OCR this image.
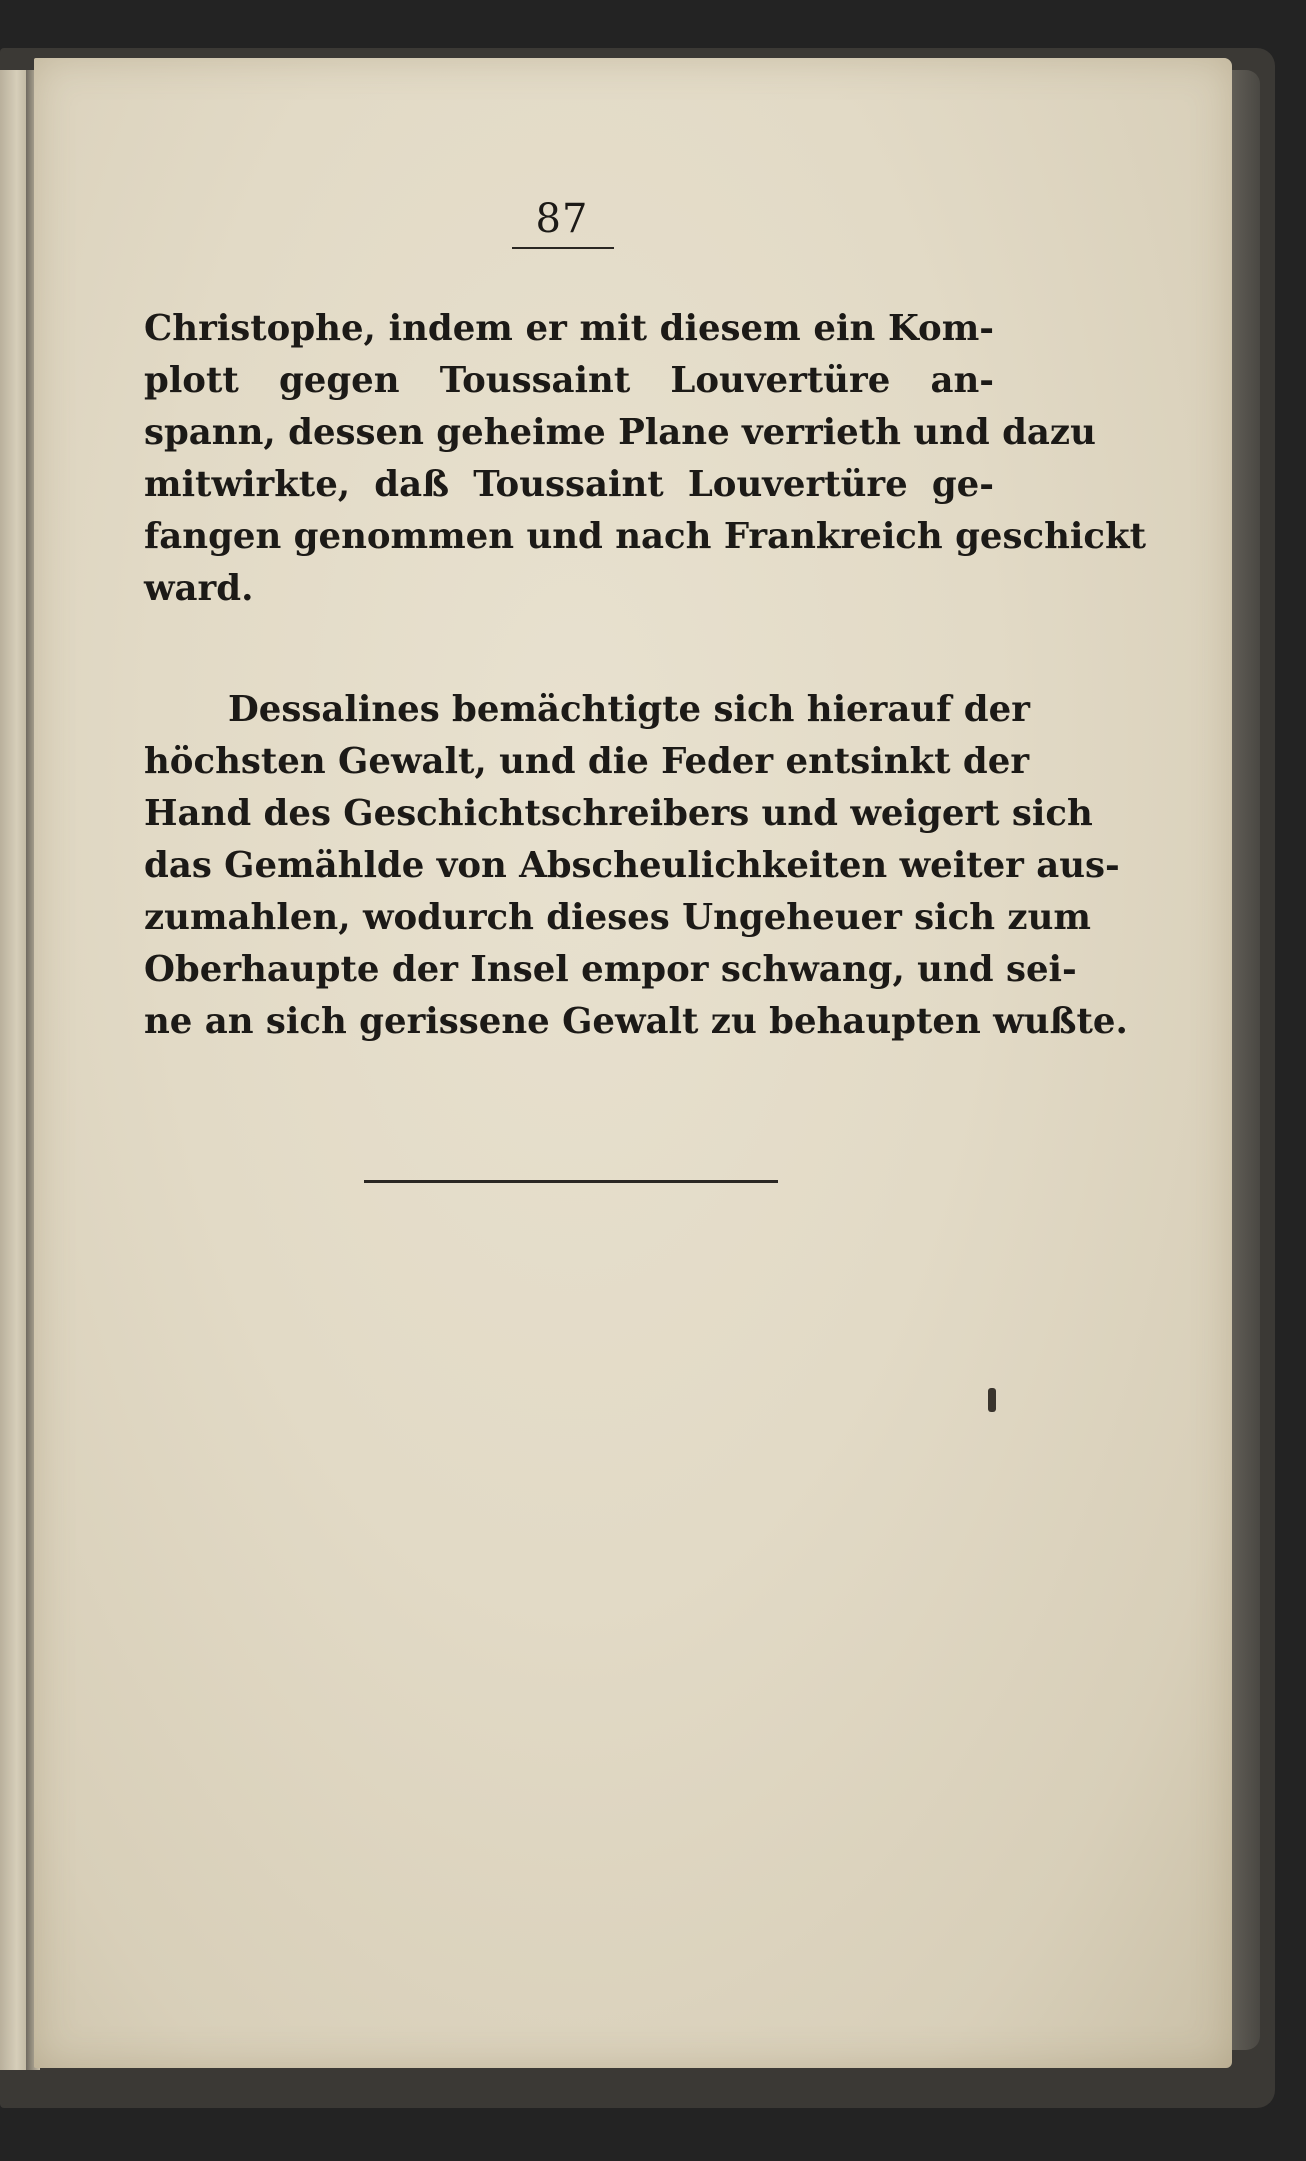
87
Christophe, indem er mit diesem ein Kom-
plott gegen Toussaint Louvertüre an-
spann, dessen geheime Plane verrieth und dazu
mitwirkte, daß Toussaint Louvertüre ge-
fangen genommen und nach Frankreich geschickt
ward.
Dessalines bemächtigte sich hierauf der
höchsten Gewalt, und die Feder entsinkt der
Hand des Geschichtschreibers und weigert sich
das Gemählde von Abscheulichkeiten weiter aus-
zumahlen, wodurch dieses Ungeheuer sich zum
Oberhaupte der Insel empor schwang, und sei-
ne an sich gerissene Gewalt zu behaupten wußte.
